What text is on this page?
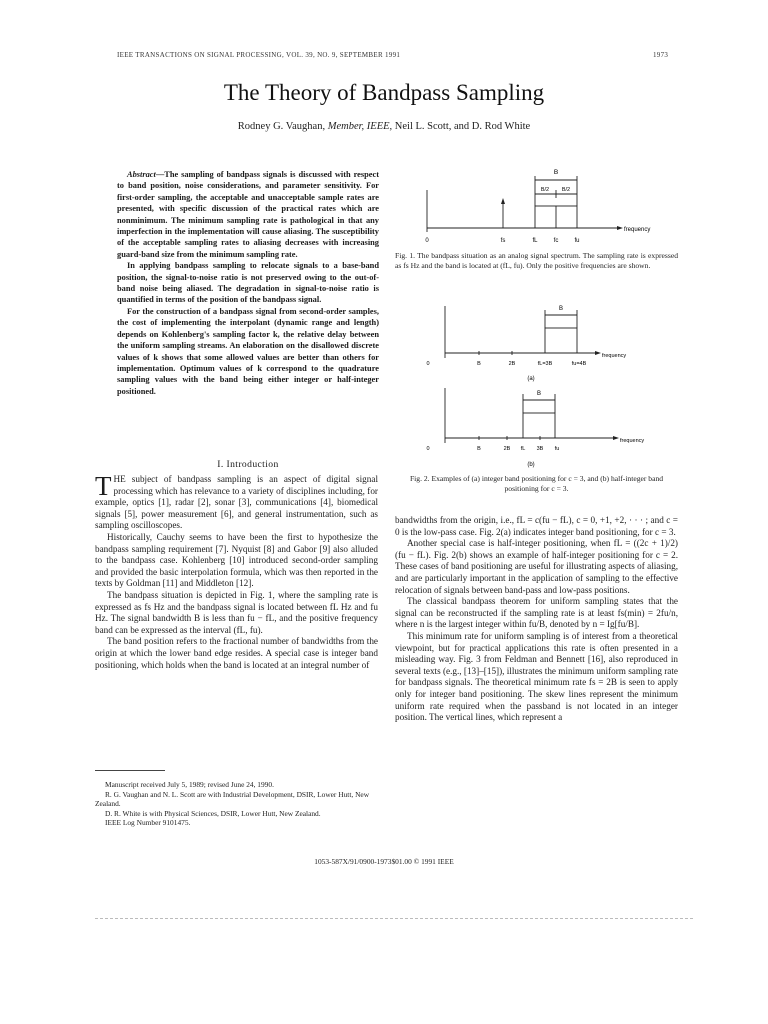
IEEE TRANSACTIONS ON SIGNAL PROCESSING, VOL. 39, NO. 9, SEPTEMBER 1991	1973
The Theory of Bandpass Sampling
Rodney G. Vaughan, Member, IEEE, Neil L. Scott, and D. Rod White

Abstract—The sampling of bandpass signals is discussed with respect to band position, noise considerations, and parameter sensitivity. For first-order sampling, the acceptable and unacceptable sample rates are presented, with specific discussion of the practical rates which are nonminimum. The minimum sampling rate is pathological in that any imperfection in the implementation will cause aliasing. The susceptibility of the acceptable sampling rates to aliasing decreases with increasing guard-band size from the minimum sampling rate.

In applying bandpass sampling to relocate signals to a base-band position, the signal-to-noise ratio is not preserved owing to the out-of-band noise being aliased. The degradation in signal-to-noise ratio is quantified in terms of the position of the bandpass signal.

For the construction of a bandpass signal from second-order samples, the cost of implementing the interpolant (dynamic range and length) depends on Kohlenberg's sampling factor k, the relative delay between the uniform sampling streams. An elaboration on the disallowed discrete values of k shows that some allowed values are better than others for implementation. Optimum values of k correspond to the quadrature sampling values with the band being either integer or half-integer positioned.

I. Introduction

THE subject of bandpass sampling is an aspect of digital signal processing which has relevance to a variety of disciplines including, for example, optics [1], radar [2], sonar [3], communications [4], biomedical signals [5], power measurement [6], and general instrumentation, such as sampling oscilloscopes.

Historically, Cauchy seems to have been the first to hypothesize the bandpass sampling requirement [7]. Nyquist [8] and Gabor [9] also alluded to the bandpass case. Kohlenberg [10] introduced second-order sampling and provided the basic interpolation formula, which was then reported in the texts by Goldman [11] and Middleton [12].

The bandpass situation is depicted in Fig. 1, where the sampling rate is expressed as fs Hz and the bandpass signal is located between fL Hz and fu Hz. The signal bandwidth B is less than fu − fL, and the positive frequency band can be expressed as the interval (fL, fu).

The band position refers to the fractional number of bandwidths from the origin at which the lower band edge resides. A special case is integer band positioning, which holds when the band is located at an integral number of

Manuscript received July 5, 1989; revised June 24, 1990.

R. G. Vaughan and N. L. Scott are with Industrial Development, DSIR, Lower Hutt, New Zealand.

D. R. White is with Physical Sciences, DSIR, Lower Hutt, New Zealand.

IEEE Log Number 9101475.

B
B/2 B/2
frequency
0	fs	fL	fc	fu
Fig. 1. The bandpass situation as an analog signal spectrum. The sampling rate is expressed as fs Hz and the band is located at (fL, fu). Only the positive frequencies are shown.
B
frequency
0	B	2B	fL=3B	fu=4B
(a)
B
frequency
0	B	2B fL 3B fu
(b)
Fig. 2. Examples of (a) integer band positioning for c = 3, and (b) half-integer band positioning for c = 3.

bandwidths from the origin, i.e., fL = c(fu − fL), c = 0, +1, +2, · · · ; and c = 0 is the low-pass case. Fig. 2(a) indicates integer band positioning, for c = 3.

Another special case is half-integer positioning, when fL = ((2c + 1)/2)(fu − fL). Fig. 2(b) shows an example of half-integer positioning for c = 2. These cases of band positioning are useful for illustrating aspects of aliasing, and are particularly important in the application of sampling to the effective relocation of signals between band-pass and low-pass positions.

The classical bandpass theorem for uniform sampling states that the signal can be reconstructed if the sampling rate is at least fs(min) = 2fu/n, where n is the largest integer within fu/B, denoted by n = Ig[fu/B].

This minimum rate for uniform sampling is of interest from a theoretical viewpoint, but for practical applications this rate is often presented in a misleading way. Fig. 3 from Feldman and Bennett [16], also reproduced in several texts (e.g., [13]–[15]), illustrates the minimum uniform sampling rate for bandpass signals. The theoretical minimum rate fs = 2B is seen to apply only for integer band positioning. The skew lines represent the minimum uniform rate required when the passband is not located in an integer position. The vertical lines, which represent a

1053-587X/91/0900-1973$01.00 © 1991 IEEE
